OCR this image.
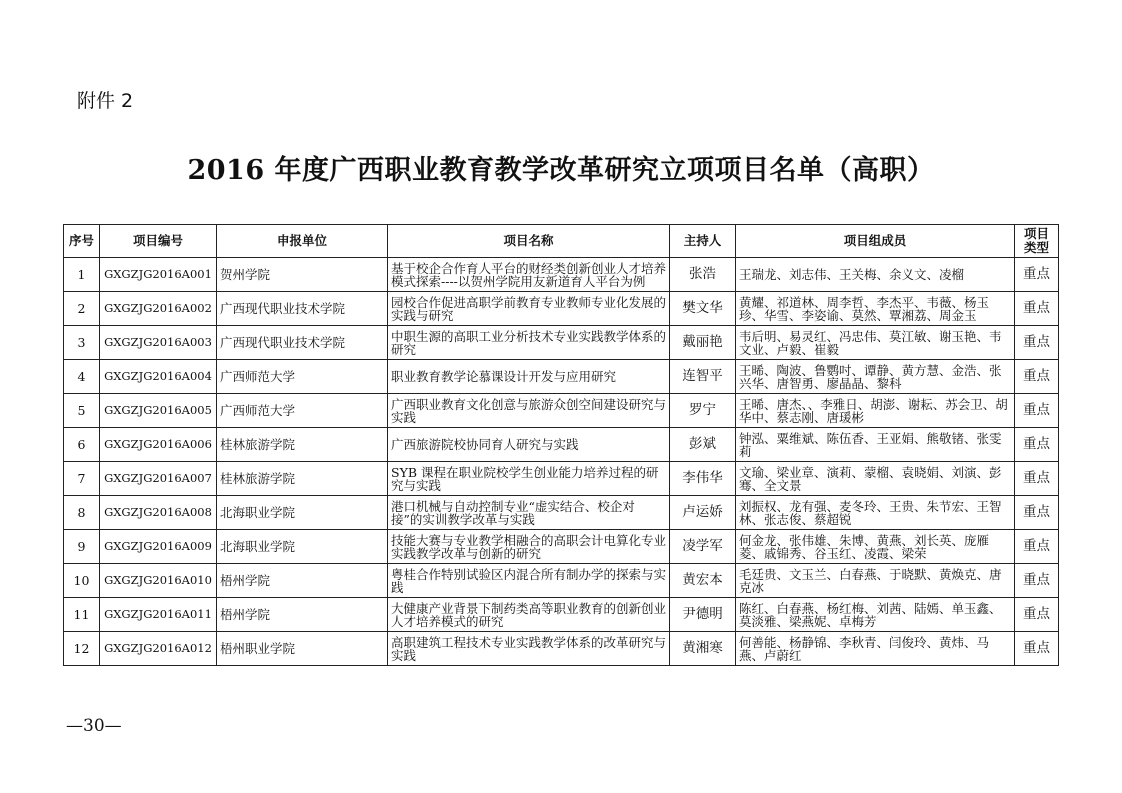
附件 2
2016 年度广西职业教育教学改革研究立项项目名单（高职）
序号	项目编号	申报单位	项目名称	主持人	项目组成员	项目类型
1	GXGZJG2016A001	贺州学院	基于校企合作育人平台的财经类创新创业人才培养模式探索----以贺州学院用友新道育人平台为例	张浩	王瑞龙、刘志伟、王关梅、余义文、凌榴	重点
2	GXGZJG2016A002	广西现代职业技术学院	园校合作促进高职学前教育专业教师专业化发展的实践与研究	樊文华	黄耀、祁道林、周李哲、李杰平、韦薇、杨玉珍、华雪、李姿谕、莫然、覃湘荔、周金玉	重点
3	GXGZJG2016A003	广西现代职业技术学院	中职生源的高职工业分析技术专业实践教学体系的研究	戴丽艳	韦后明、易灵红、冯忠伟、莫江敏、谢玉艳、韦文业、卢毅、崔毅	重点
4	GXGZJG2016A004	广西师范大学	职业教育教学论慕课设计开发与应用研究	连智平	王晞、陶波、鲁鹦吋、谭静、黄方慧、金浩、张兴华、唐智勇、廖晶晶、黎科	重点
5	GXGZJG2016A005	广西师范大学	广西职业教育文化创意与旅游众创空间建设研究与实践	罗宁	王晞、唐杰、、李雅日、胡澎、谢耘、苏会卫、胡华中、蔡志刚、唐瑗彬	重点
6	GXGZJG2016A006	桂林旅游学院	广西旅游院校协同育人研究与实践	彭斌	钟泓、粟维斌、陈伍香、王亚娟、熊敬锗、张雯莉	重点
7	GXGZJG2016A007	桂林旅游学院	SYB 课程在职业院校学生创业能力培养过程的研究与实践	李伟华	文瑜、梁业章、演莉、蒙榴、袁晓娟、刘演、彭骞、全文景	重点
8	GXGZJG2016A008	北海职业学院	港口机械与自动控制专业“虚实结合、校企对接”的实训教学改革与实践	卢运娇	刘振权、龙有强、麦冬玲、王贵、朱节宏、王智林、张志俊、蔡超锐	重点
9	GXGZJG2016A009	北海职业学院	技能大赛与专业教学相融合的高职会计电算化专业实践教学改革与创新的研究	凌学军	何金龙、张伟雄、朱博、黄燕、刘长英、庞雁菱、戚锦秀、谷玉红、凌霞、梁荣	重点
10	GXGZJG2016A010	梧州学院	粤桂合作特别试验区内混合所有制办学的探索与实践	黄宏本	毛廷贵、文玉兰、白春燕、于晓默、黄焕克、唐克冰	重点
11	GXGZJG2016A011	梧州学院	大健康产业背景下制药类高等职业教育的创新创业人才培养模式的研究	尹德明	陈红、白春燕、杨红梅、刘茜、陆嫣、单玉鑫、莫淡雅、梁燕妮、卓梅芳	重点
12	GXGZJG2016A012	梧州职业学院	高职建筑工程技术专业实践教学体系的改革研究与实践	黄湘寒	何善能、杨静锦、李秋青、闫俊玲、黄炜、马燕、卢蔚红	重点
—30—
